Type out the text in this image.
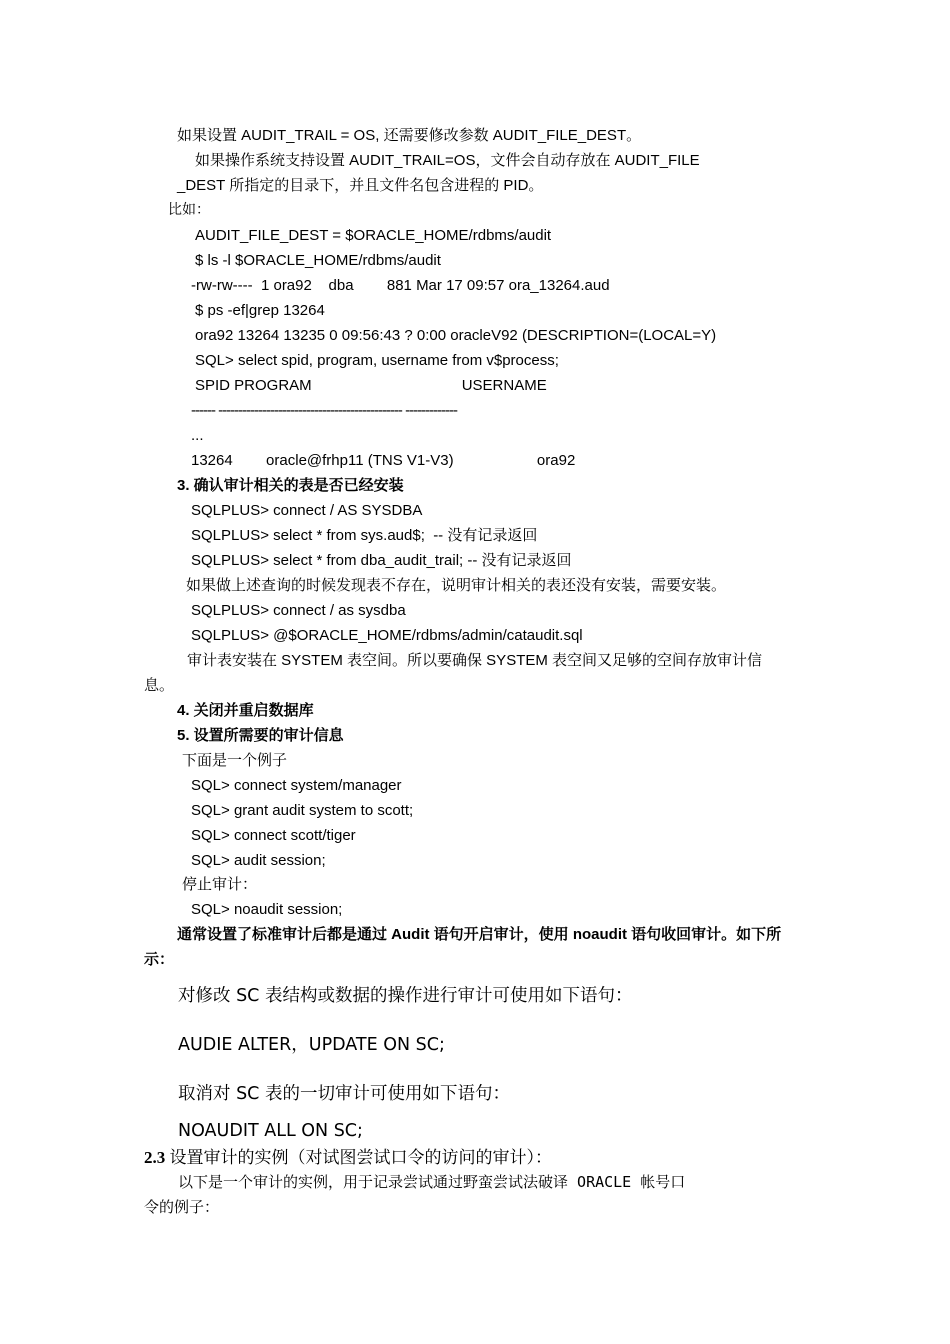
如果设置 AUDIT_TRAIL = OS, 还需要修改参数 AUDIT_FILE_DEST。
如果操作系统支持设置 AUDIT_TRAIL=OS，文件会自动存放在 AUDIT_FILE
_DEST 所指定的目录下，并且文件名包含进程的 PID。
比如：
AUDIT_FILE_DEST = $ORACLE_HOME/rdbms/audit
$ ls -l $ORACLE_HOME/rdbms/audit
-rw-rw----  1 ora92    dba        881 Mar 17 09:57 ora_13264.aud
$ ps -ef|grep 13264
ora92 13264 13235 0 09:56:43 ? 0:00 oracleV92 (DESCRIPTION=(LOCAL=Y)
SQL> select spid, program, username from v$process;
SPID PROGRAM                                    USERNAME
------ ---------------------------------------------- -------------
...
13264        oracle@frhp11 (TNS V1-V3)                    ora92
3. 确认审计相关的表是否已经安装
SQLPLUS> connect / AS SYSDBA
SQLPLUS> select * from sys.aud$;  -- 没有记录返回
SQLPLUS> select * from dba_audit_trail; -- 没有记录返回
如果做上述查询的时候发现表不存在，说明审计相关的表还没有安装，需要安装。
SQLPLUS> connect / as sysdba
SQLPLUS> @$ORACLE_HOME/rdbms/admin/cataudit.sql
审计表安装在 SYSTEM 表空间。所以要确保 SYSTEM 表空间又足够的空间存放审计信
息。
4. 关闭并重启数据库
5. 设置所需要的审计信息
下面是一个例子
SQL> connect system/manager
SQL> grant audit system to scott;
SQL> connect scott/tiger
SQL> audit session;
停止审计：
SQL> noaudit session;
通常设置了标准审计后都是通过 Audit 语句开启审计，使用 noaudit 语句收回审计。如下所
示：
对修改 SC 表结构或数据的操作进行审计可使用如下语句：
AUDIE ALTER，UPDATE ON SC;
取消对 SC 表的一切审计可使用如下语句：
NOAUDIT ALL ON SC;
2.3 设置审计的实例（对试图尝试口令的访问的审计）：
以下是一个审计的实例，用于记录尝试通过野蛮尝试法破译 ORACLE 帐号口
令的例子：
